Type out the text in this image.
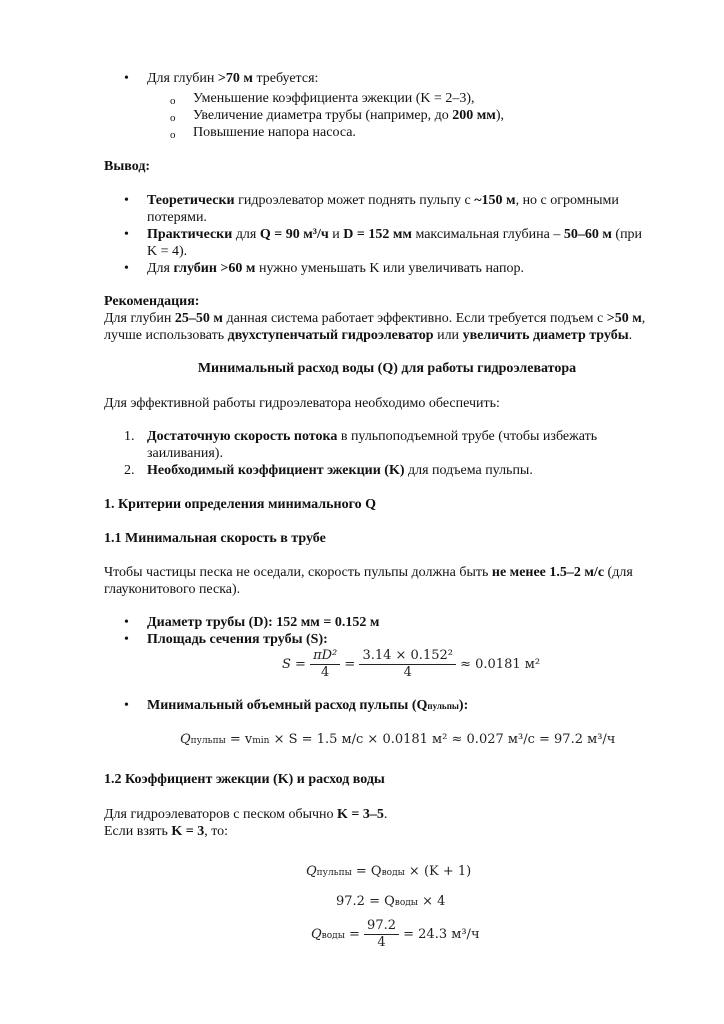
•	Для глубин >70 м требуется:
o Уменьшение коэффициента эжекции (K = 2–3),
o Увеличение диаметра трубы (например, до 200 мм),
o Повышение напора насоса.
Вывод:
•	Теоретически гидроэлеватор может поднять пульпу с ~150 м, но с огромными
потерями.
•	Практически для Q = 90 м³/ч и D = 152 мм максимальная глубина – 50–60 м (при
K = 4).
•	Для глубин >60 м нужно уменьшать K или увеличивать напор.
Рекомендация:
Для глубин 25–50 м данная система работает эффективно. Если требуется подъем с >50 м,
лучше использовать двухступенчатый гидроэлеватор или увеличить диаметр трубы.
Минимальный расход воды (Q) для работы гидроэлеватора
Для эффективной работы гидроэлеватора необходимо обеспечить:
1. Достаточную скорость потока в пульпоподъемной трубе (чтобы избежать
заиливания).
2. Необходимый коэффициент эжекции (K) для подъема пульпы.
1. Критерии определения минимального Q
1.1 Минимальная скорость в трубе
Чтобы частицы песка не оседали, скорость пульпы должна быть не менее 1.5–2 м/с (для
глауконитового песка).
•	Диаметр трубы (D): 152 мм = 0.152 м
•	Площадь сечения трубы (S):
$S = \frac{\text{πD²}}{4} = \frac{\text{3.14 × 0.152²}}{4} \approx 0.0181$ м²
•	Минимальный объемный расход пульпы (Qпульпы):
Qпульпы = vmin × S = 1.5 м/с × 0.0181 м² ≈ 0.027 м³/с = 97.2 м³/ч
1.2 Коэффициент эжекции (K) и расход воды
Для гидроэлеваторов с песком обычно K = 3–5.
Если взять K = 3, то:
Qпульпы = Qводы × (K + 1)
97.2 = Qводы × 4
Qводы = $\frac{97.2}{4} = 24.3$ м³/ч
